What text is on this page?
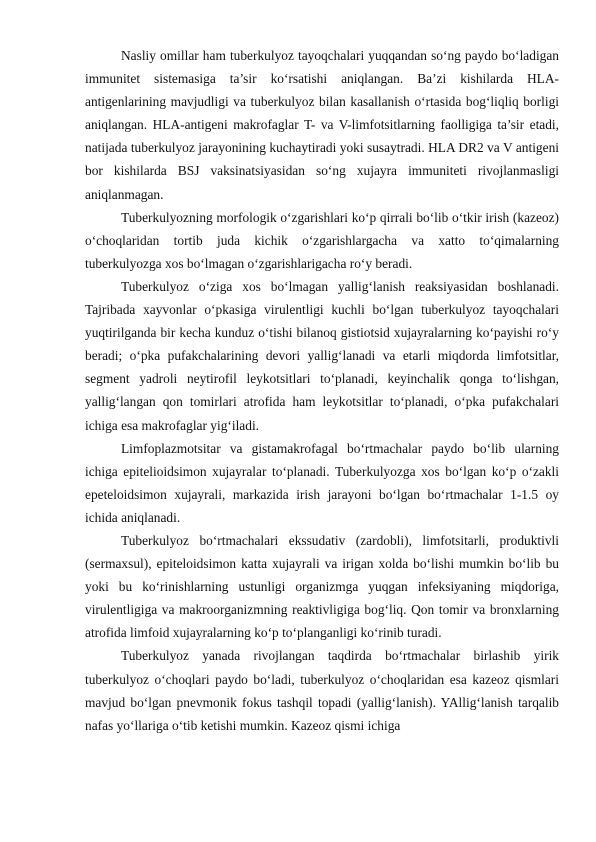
Nasliy omillar ham tuberkulyoz tayoqchalari yuqqandan so‘ng paydo bo‘ladigan immunitet sistemasiga ta’sir ko‘rsatishi aniqlangan. Ba’zi kishilarda HLA-antigenlarining mavjudligi va tuberkulyoz bilan kasallanish o‘rtasida bog‘liqliq borligi aniqlangan. HLA-antigeni makrofaglar T- va V-limfotsitlarning faolligiga ta’sir etadi, natijada tuberkulyoz jarayonining kuchaytiradi yoki susaytradi. HLA DR2 va V antigeni bor kishilarda BSJ vaksinatsiyasidan so‘ng xujayra immuniteti rivojlanmasligi aniqlanmagan.

Tuberkulyozning morfologik o‘zgarishlari ko‘p qirrali bo‘lib o‘tkir irish (kazeoz) o‘choqlaridan tortib juda kichik o‘zgarishlargacha va xatto to‘qimalarning tuberkulyozga xos bo‘lmagan o‘zgarishlarigacha ro‘y beradi.

Tuberkulyoz o‘ziga xos bo‘lmagan yallig‘lanish reaksiyasidan boshlanadi. Tajribada xayvonlar o‘pkasiga virulentligi kuchli bo‘lgan tuberkulyoz tayoqchalari yuqtirilganda bir kecha kunduz o‘tishi bilanoq gistiotsid xujayralarning ko‘payishi ro‘y beradi; o‘pka pufakchalarining devori yallig‘lanadi va etarli miqdorda limfotsitlar, segment yadroli neytirofil leykotsitlari to‘planadi, keyinchalik qonga to‘lishgan, yallig‘langan qon tomirlari atrofida ham leykotsitlar to‘planadi, o‘pka pufakchalari ichiga esa makrofaglar yig‘iladi.

Limfoplazmotsitar va gistamakrofagal bo‘rtmachalar paydo bo‘lib ularning ichiga epitelioidsimon xujayralar to‘planadi. Tuberkulyozga xos bo‘lgan ko‘p o‘zakli epeteloidsimon xujayrali, markazida irish jarayoni bo‘lgan bo‘rtmachalar 1-1.5 oy ichida aniqlanadi.

Tuberkulyoz bo‘rtmachalari ekssudativ (zardobli), limfotsitarli, produktivli (sermaxsul), epiteloidsimon katta xujayrali va irigan xolda bo‘lishi mumkin bo‘lib bu yoki bu ko‘rinishlarning ustunligi organizmga yuqgan infeksiyaning miqdoriga, virulentligiga va makroorganizmning reaktivligiga bog‘liq. Qon tomir va bronxlarning atrofida limfoid xujayralarning ko‘p to‘planganligi ko‘rinib turadi.

Tuberkulyoz yanada rivojlangan taqdirda bo‘rtmachalar birlashib yirik tuberkulyoz o‘choqlari paydo bo‘ladi, tuberkulyoz o‘choqlaridan esa kazeoz qismlari mavjud bo‘lgan pnevmonik fokus tashqil topadi (yallig‘lanish). YAllig‘lanish tarqalib nafas yo‘llariga o‘tib ketishi mumkin. Kazeoz qismi ichiga
